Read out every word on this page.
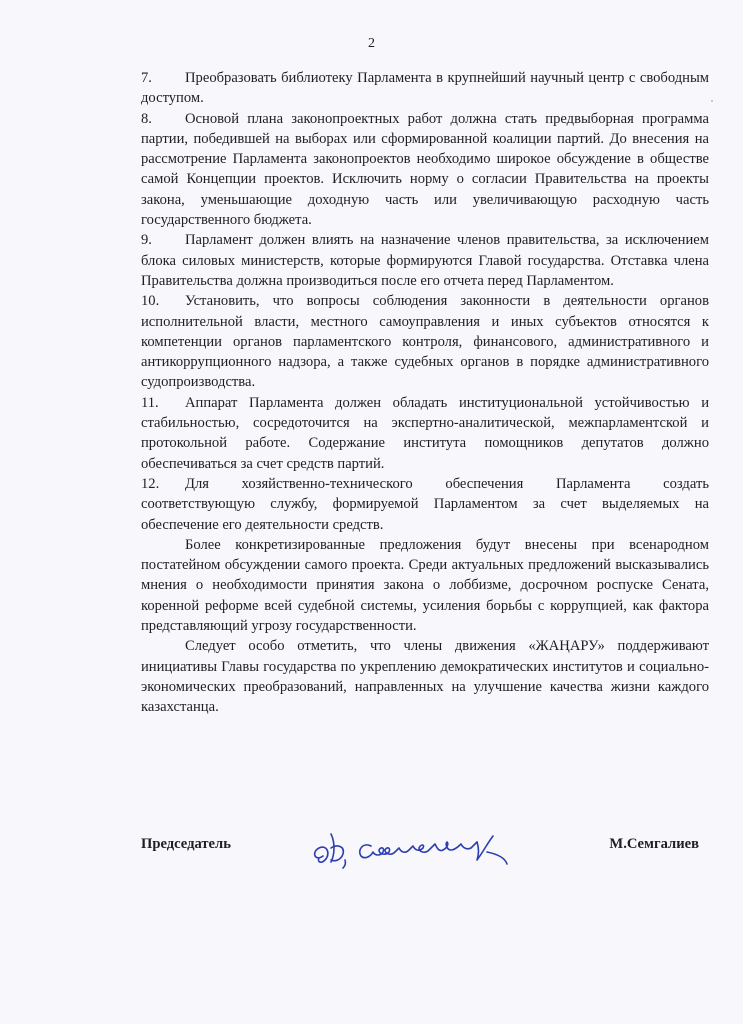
2

7. Преобразовать библиотеку Парламента в крупнейший научный центр с свободным доступом.

8. Основой плана законопроектных работ должна стать предвыборная программа партии, победившей на выборах или сформированной коалиции партий. До внесения на рассмотрение Парламента законопроектов необходимо широкое обсуждение в обществе самой Концепции проектов. Исключить норму о согласии Правительства на проекты закона, уменьшающие доходную часть или увеличивающую расходную часть государственного бюджета.

9. Парламент должен влиять на назначение членов правительства, за исключением блока силовых министерств, которые формируются Главой государства. Отставка члена Правительства должна производиться после его отчета перед Парламентом.

10. Установить, что вопросы соблюдения законности в деятельности органов исполнительной власти, местного самоуправления и иных субъектов относятся к компетенции органов парламентского контроля, финансового, административного и антикоррупционного надзора, а также судебных органов в порядке административного судопроизводства.

11. Аппарат Парламента должен обладать институциональной устойчивостью и стабильностью, сосредоточится на экспертно-аналитической, межпарламентской и протокольной работе. Содержание института помощников депутатов должно обеспечиваться за счет средств партий.

12. Для хозяйственно-технического обеспечения Парламента создать соответствующую службу, формируемой Парламентом за счет выделяемых на обеспечение его деятельности средств.

Более конкретизированные предложения будут внесены при всенародном постатейном обсуждении самого проекта. Среди актуальных предложений высказывались мнения о необходимости принятия закона о лоббизме, досрочном роспуске Сената, коренной реформе всей судебной системы, усиления борьбы с коррупцией, как фактора представляющий угрозу государственности.

Следует особо отметить, что члены движения «ЖАҢАРУ» поддерживают инициативы Главы государства по укреплению демократических институтов и социально-экономических преобразований, направленных на улучшение качества жизни каждого казахстанца.

Председатель	М.Семгалиев
